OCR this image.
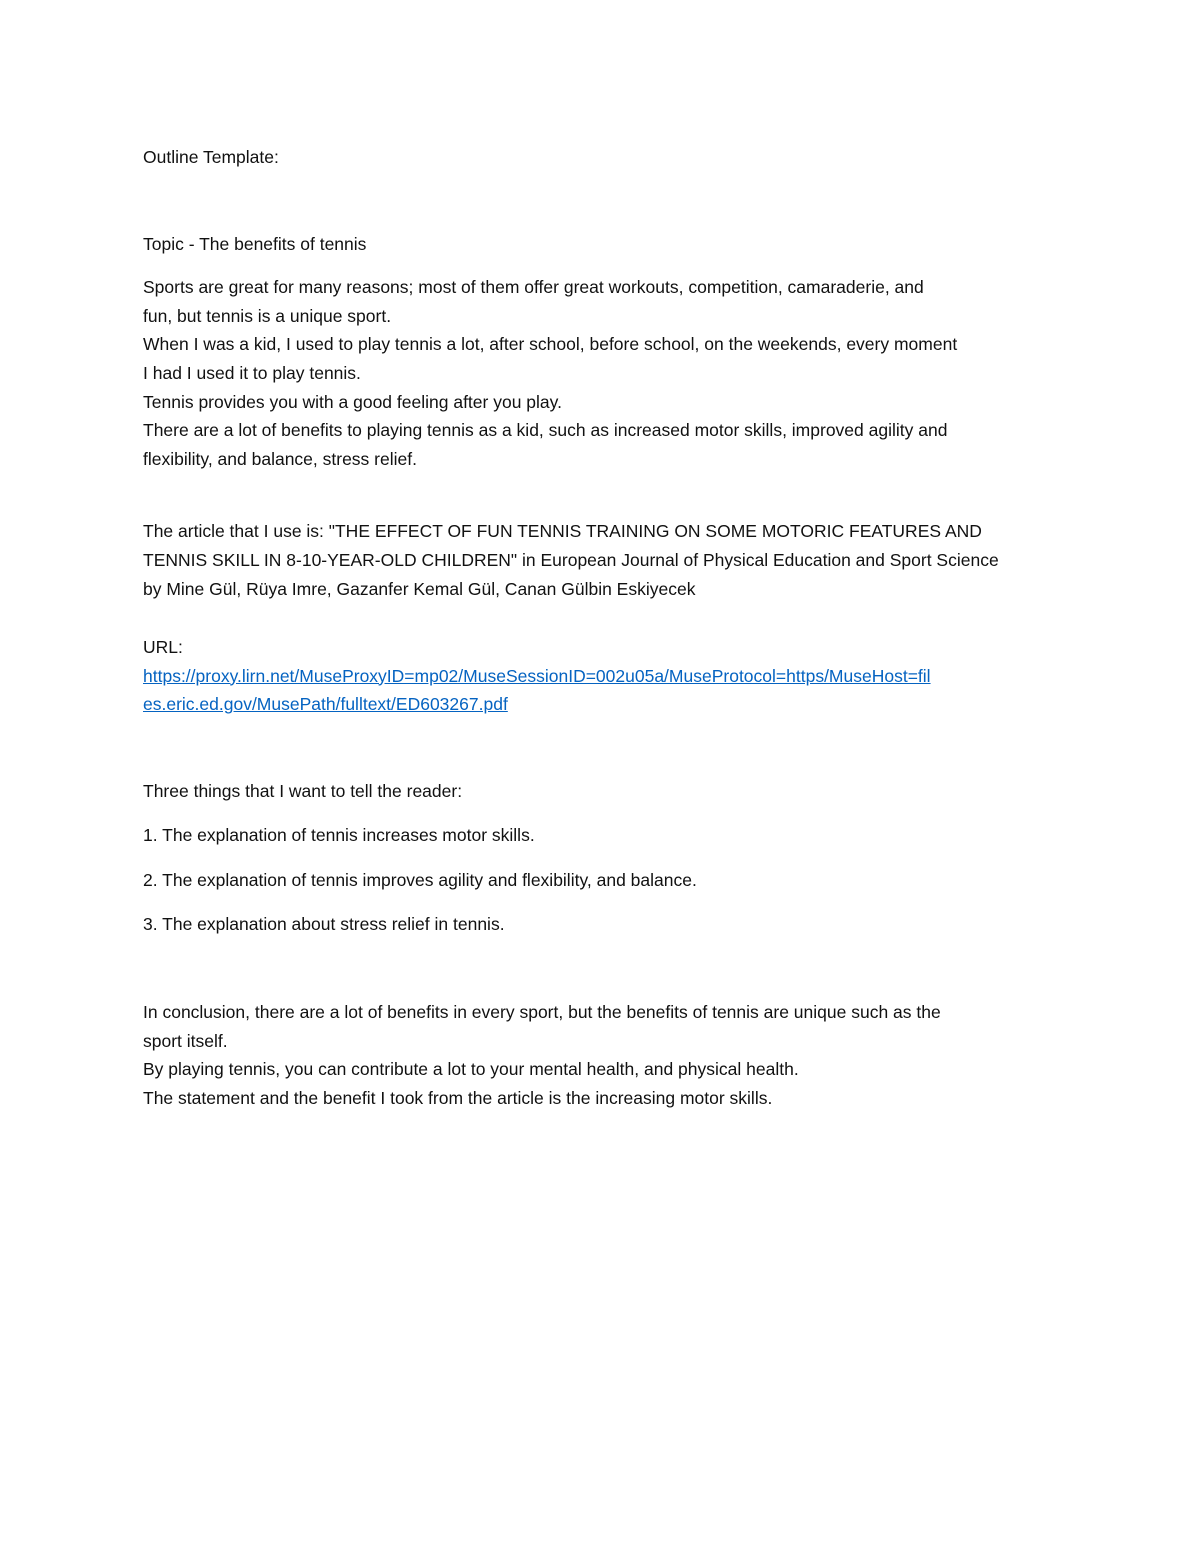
Outline Template:
Topic - The benefits of tennis
Sports are great for many reasons; most of them offer great workouts, competition, camaraderie, and
fun, but tennis is a unique sport.
When I was a kid, I used to play tennis a lot, after school, before school, on the weekends, every moment
I had I used it to play tennis.
Tennis provides you with a good feeling after you play.
There are a lot of benefits to playing tennis as a kid, such as increased motor skills, improved agility and
flexibility, and balance, stress relief.
The article that I use is: "THE EFFECT OF FUN TENNIS TRAINING ON SOME MOTORIC FEATURES AND
TENNIS SKILL IN 8-10-YEAR-OLD CHILDREN" in European Journal of Physical Education and Sport Science
by Mine Gül, Rüya Imre, Gazanfer Kemal Gül, Canan Gülbin Eskiyecek
URL:
https://proxy.lirn.net/MuseProxyID=mp02/MuseSessionID=002u05a/MuseProtocol=https/MuseHost=fil
es.eric.ed.gov/MusePath/fulltext/ED603267.pdf
Three things that I want to tell the reader:
1. The explanation of tennis increases motor skills.
2. The explanation of tennis improves agility and flexibility, and balance.
3. The explanation about stress relief in tennis.
In conclusion, there are a lot of benefits in every sport, but the benefits of tennis are unique such as the
sport itself.
By playing tennis, you can contribute a lot to your mental health, and physical health.
The statement and the benefit I took from the article is the increasing motor skills.
